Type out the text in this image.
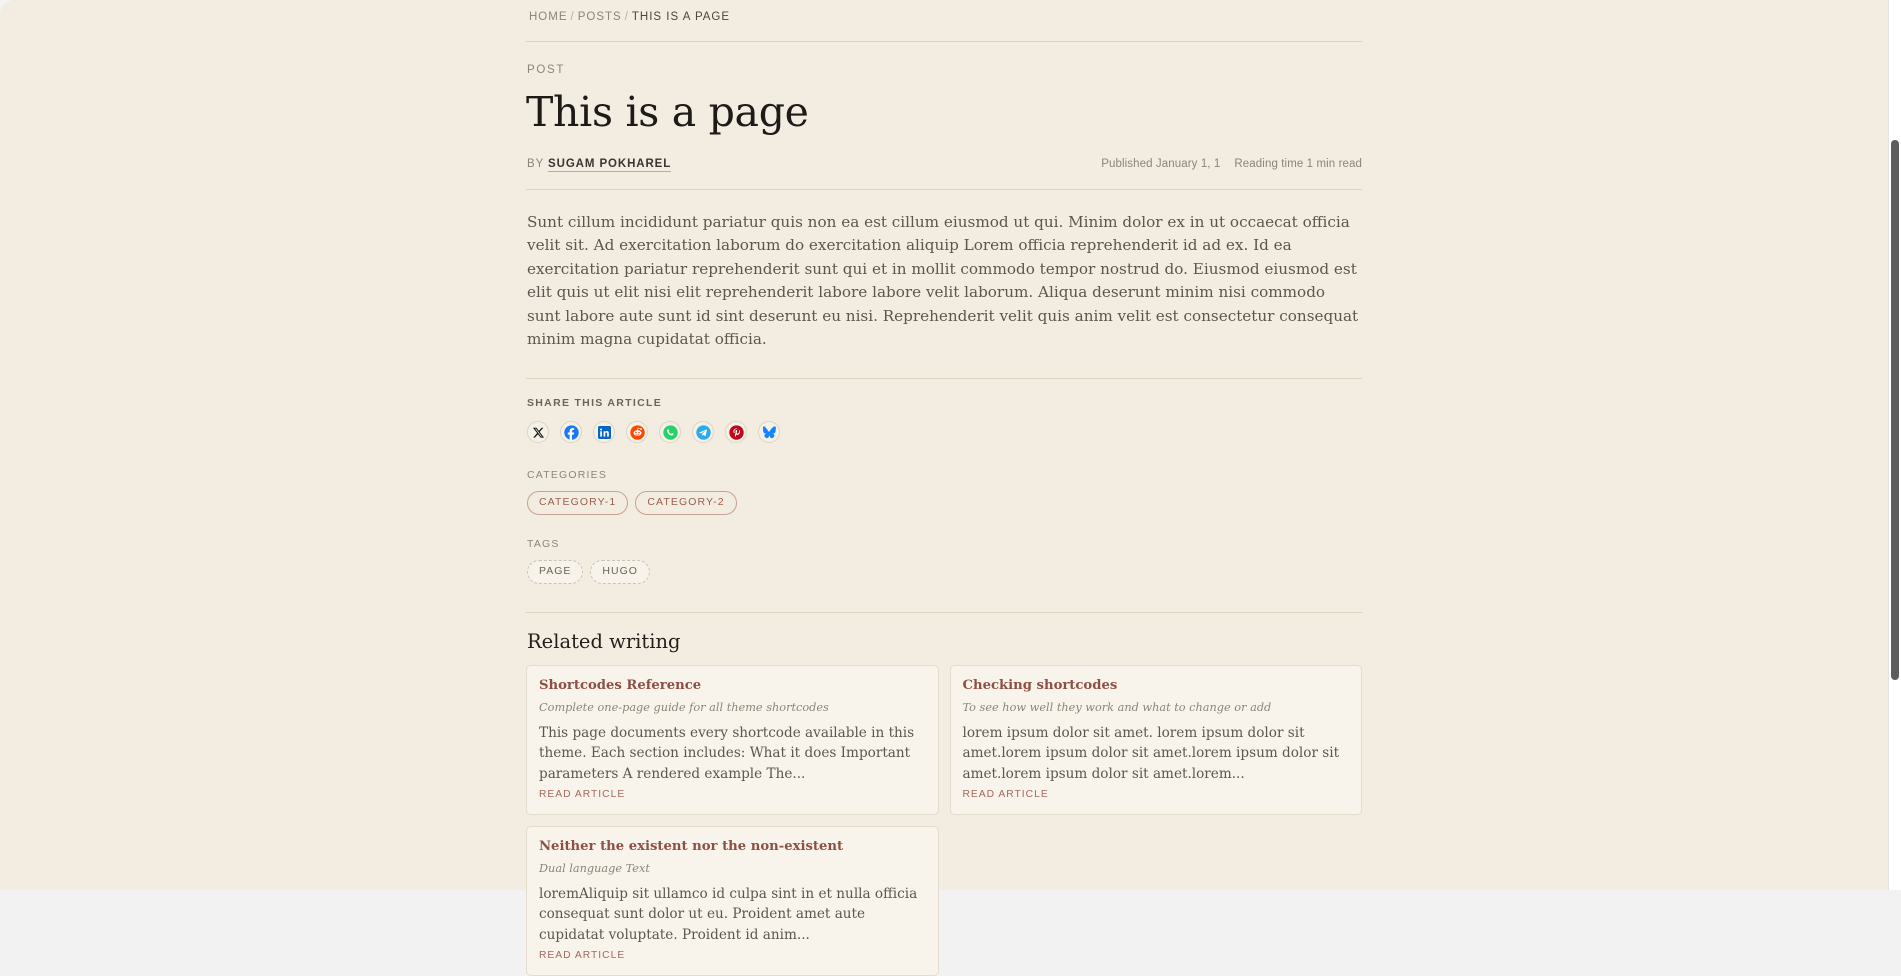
HOME / POSTS / THIS IS A PAGE
POST
This is a page
BY SUGAM POKHAREL	Published January 1, 1 Reading time 1 min read
Sunt cillum incididunt pariatur quis non ea est cillum eiusmod ut qui. Minim dolor ex in ut occaecat officia velit sit. Ad exercitation laborum do exercitation aliquip Lorem officia reprehenderit id ad ex. Id ea exercitation pariatur reprehenderit sunt qui et in mollit commodo tempor nostrud do. Eiusmod eiusmod est elit quis ut elit nisi elit reprehenderit labore labore velit laborum. Aliqua deserunt minim nisi commodo sunt labore aute sunt id sint deserunt eu nisi. Reprehenderit velit quis anim velit est consectetur consequat minim magna cupidatat officia.
SHARE THIS ARTICLE
CATEGORIES
CATEGORY-1	CATEGORY-2
TAGS
PAGE	HUGO
Related writing
Shortcodes Reference
Complete one-page guide for all theme shortcodes
This page documents every shortcode available in this theme. Each section includes: What it does Important parameters A rendered example The...
READ ARTICLE
Checking shortcodes
To see how well they work and what to change or add
lorem ipsum dolor sit amet. lorem ipsum dolor sit amet.lorem ipsum dolor sit amet.lorem ipsum dolor sit amet.lorem ipsum dolor sit amet.lorem...
READ ARTICLE
Neither the existent nor the non-existent
Dual language Text
loremAliquip sit ullamco id culpa sint in et nulla officia consequat sunt dolor ut eu. Proident amet aute cupidatat voluptate. Proident id anim...
READ ARTICLE
